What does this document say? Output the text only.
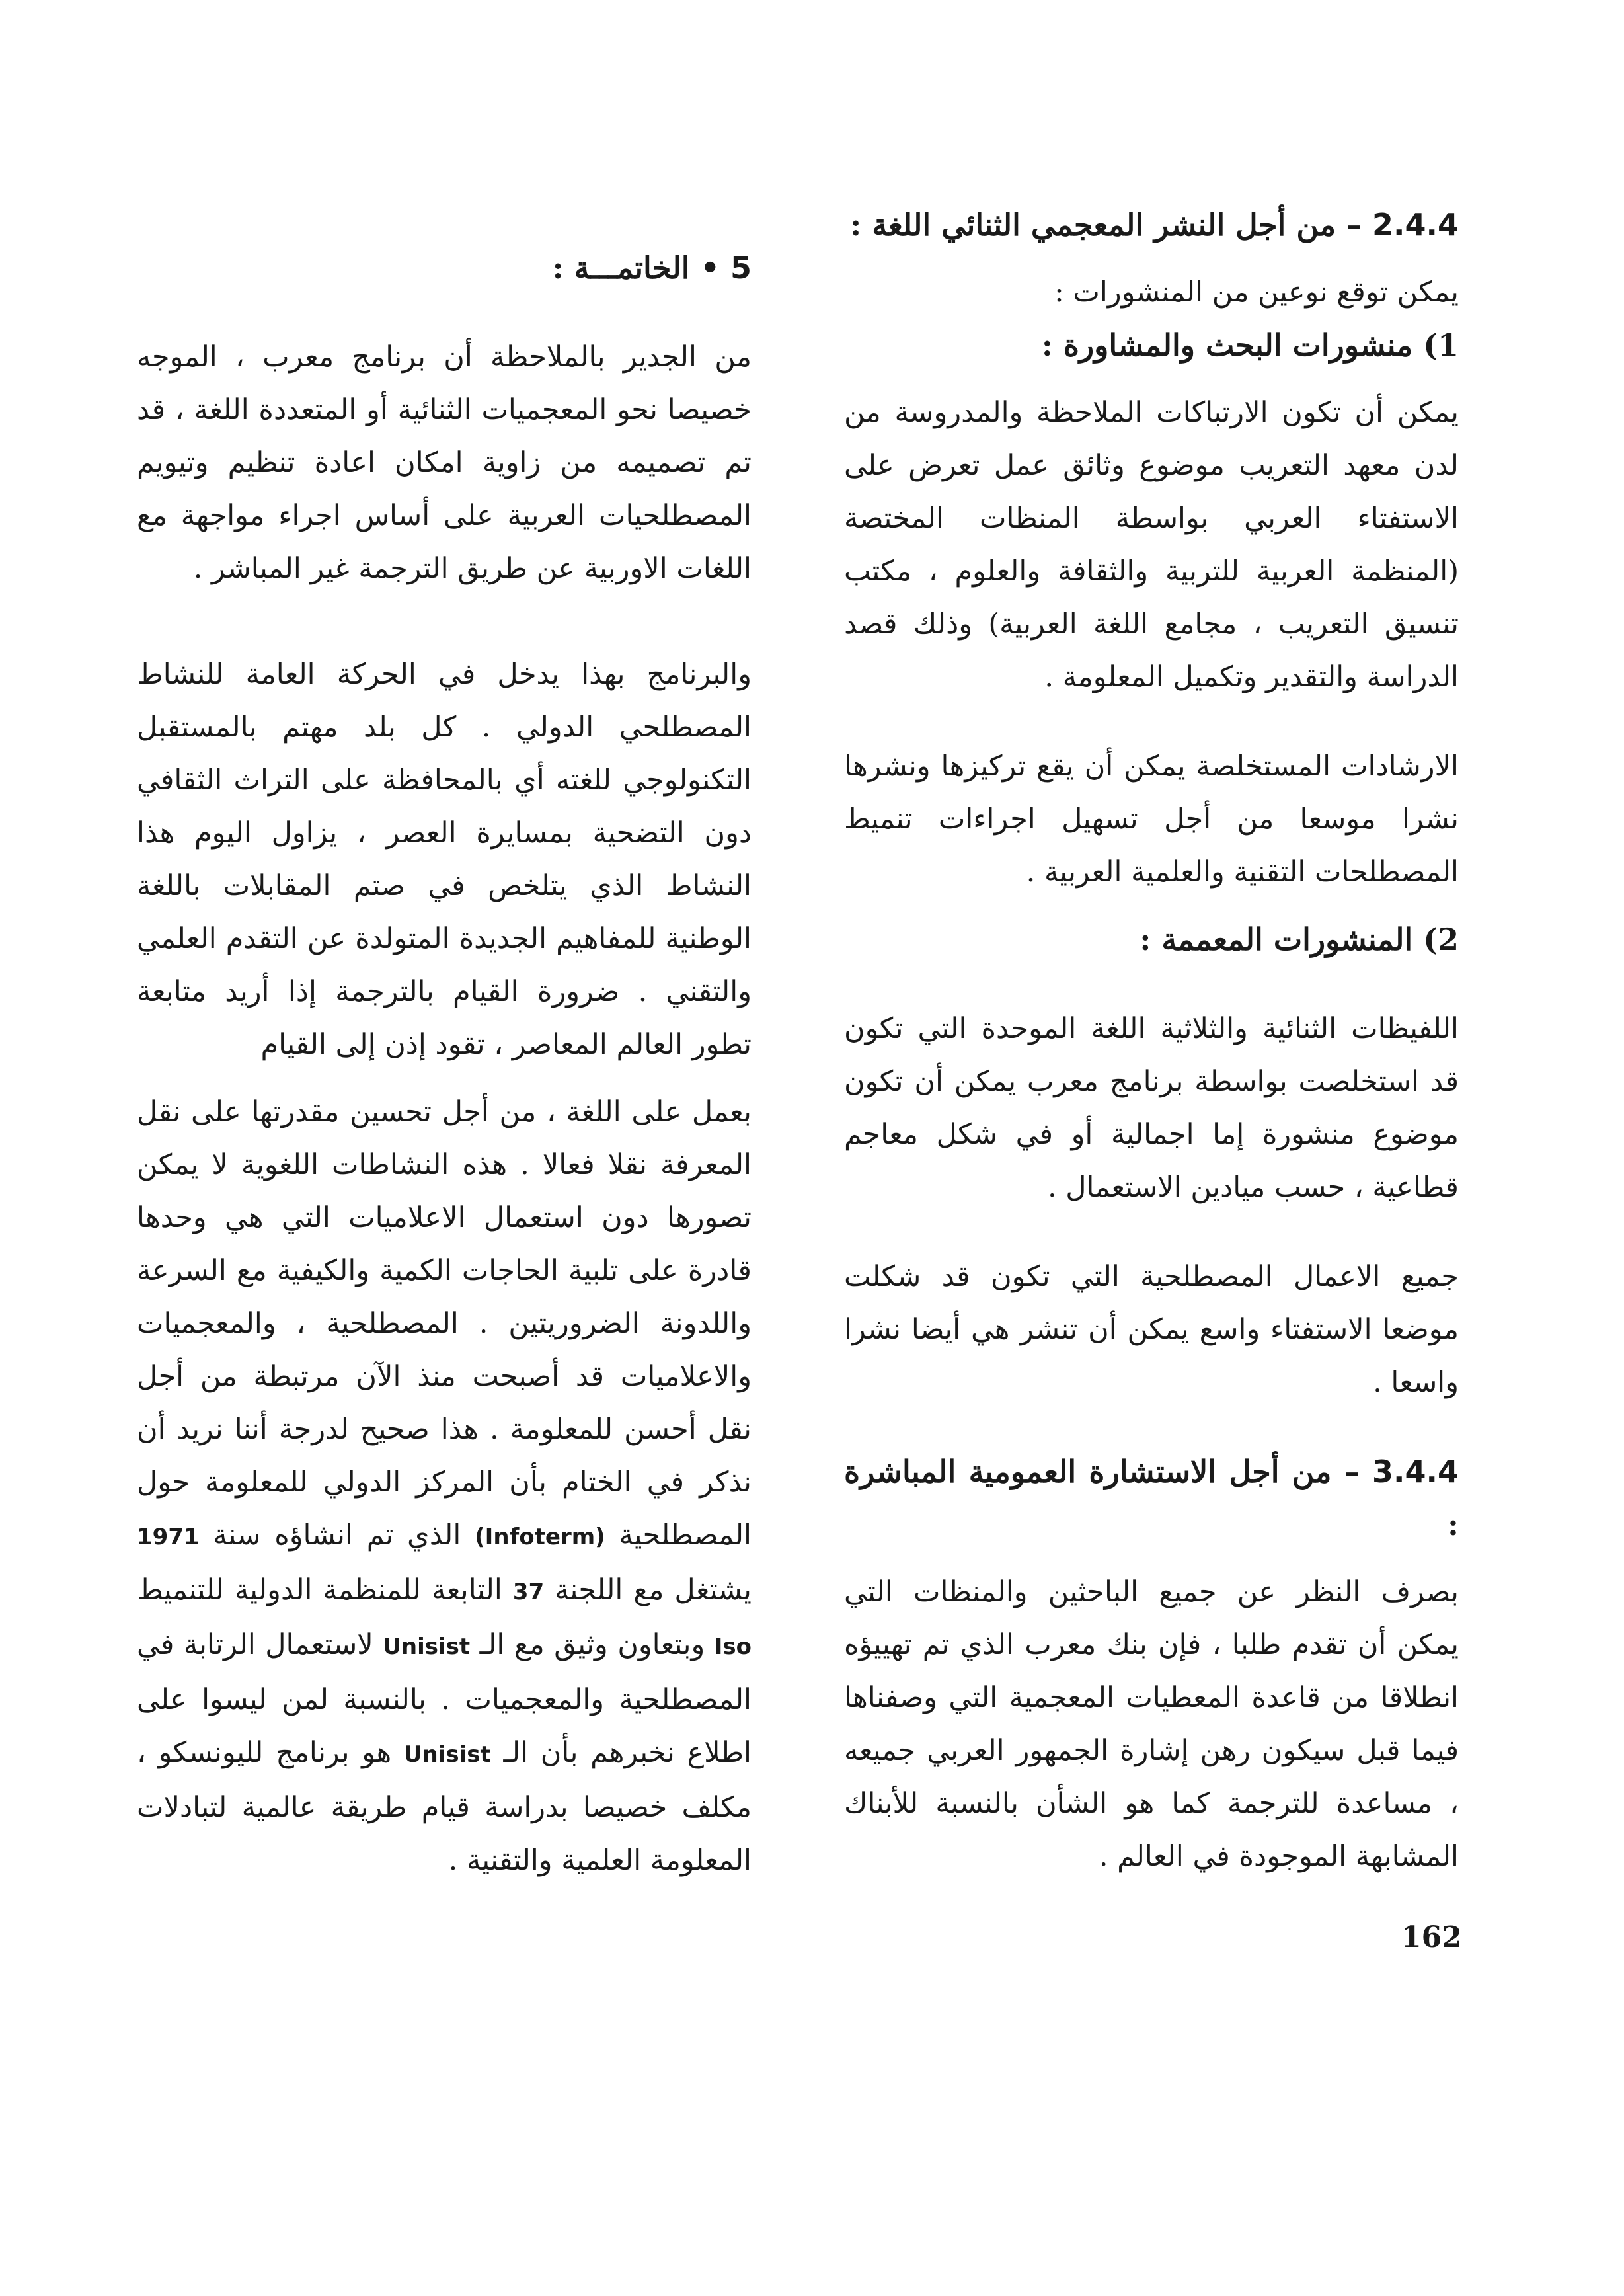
2.4.4 – من أجل النشر المعجمي الثنائي اللغة :

يمكن توقع نوعين من المنشورات :

1) منشورات البحث والمشاورة :

يمكن أن تكون الارتباكات الملاحظة والمدروسة من لدن معهد التعريب موضوع وثائق عمل تعرض على الاستفتاء العربي بواسطة المنظات المختصة (المنظمة العربية للتربية والثقافة والعلوم ، مكتب تنسيق التعريب ، مجامع اللغة العربية) وذلك قصد الدراسة والتقدير وتكميل المعلومة .

الارشادات المستخلصة يمكن أن يقع تركيزها ونشرها نشرا موسعا من أجل تسهيل اجراءات تنميط المصطلحات التقنية والعلمية العربية .

2) المنشورات المعممة :

اللفيظات الثنائية والثلاثية اللغة الموحدة التي تكون قد استخلصت بواسطة برنامج معرب يمكن أن تكون موضوع منشورة إما اجمالية أو في شكل معاجم قطاعية ، حسب ميادين الاستعمال .

جميع الاعمال المصطلحية التي تكون قد شكلت موضعا الاستفتاء واسع يمكن أن تنشر هي أيضا نشرا واسعا .

3.4.4 – من أجل الاستشارة العمومية المباشرة :

بصرف النظر عن جميع الباحثين والمنظات التي يمكن أن تقدم طلبا ، فإن بنك معرب الذي تم تهييؤه انطلاقا من قاعدة المعطيات المعجمية التي وصفناها فيما قبل سيكون رهن إشارة الجمهور العربي جميعه ، مساعدة للترجمة كما هو الشأن بالنسبة للأبناك المشابهة الموجودة في العالم .

5 • الخاتمـــة :

من الجدير بالملاحظة أن برنامج معرب ، الموجه خصيصا نحو المعجميات الثنائية أو المتعددة اللغة ، قد تم تصميمه من زاوية امكان اعادة تنظيم وتيويم المصطلحيات العربية على أساس اجراء مواجهة مع اللغات الاوربية عن طريق الترجمة غير المباشر .

والبرنامج بهذا يدخل في الحركة العامة للنشاط المصطلحي الدولي . كل بلد مهتم بالمستقبل التكنولوجي للغته أي بالمحافظة على التراث الثقافي دون التضحية بمسايرة العصر ، يزاول اليوم هذا النشاط الذي يتلخص في صتم المقابلات باللغة الوطنية للمفاهيم الجديدة المتولدة عن التقدم العلمي والتقني . ضرورة القيام بالترجمة إذا أريد متابعة تطور العالم المعاصر ، تقود إذن إلى القيام

بعمل على اللغة ، من أجل تحسين مقدرتها على نقل المعرفة نقلا فعالا . هذه النشاطات اللغوية لا يمكن تصورها دون استعمال الاعلاميات التي هي وحدها قادرة على تلبية الحاجات الكمية والكيفية مع السرعة واللدونة الضروريتين . المصطلحية ، والمعجميات والاعلاميات قد أصبحت منذ الآن مرتبطة من أجل نقل أحسن للمعلومة . هذا صحيح لدرجة أننا نريد أن نذكر في الختام بأن المركز الدولي للمعلومة حول المصطلحية (Infoterm) الذي تم انشاؤه سنة 1971 يشتغل مع اللجنة 37 التابعة للمنظمة الدولية للتنميط Iso وبتعاون وثيق مع الـ Unisist لاستعمال الرتابة في المصطلحية والمعجميات . بالنسبة لمن ليسوا على اطلاع نخبرهم بأن الـ Unisist هو برنامج لليونسكو ، مكلف خصيصا بدراسة قيام طريقة عالمية لتبادلات المعلومة العلمية والتقنية .

162
